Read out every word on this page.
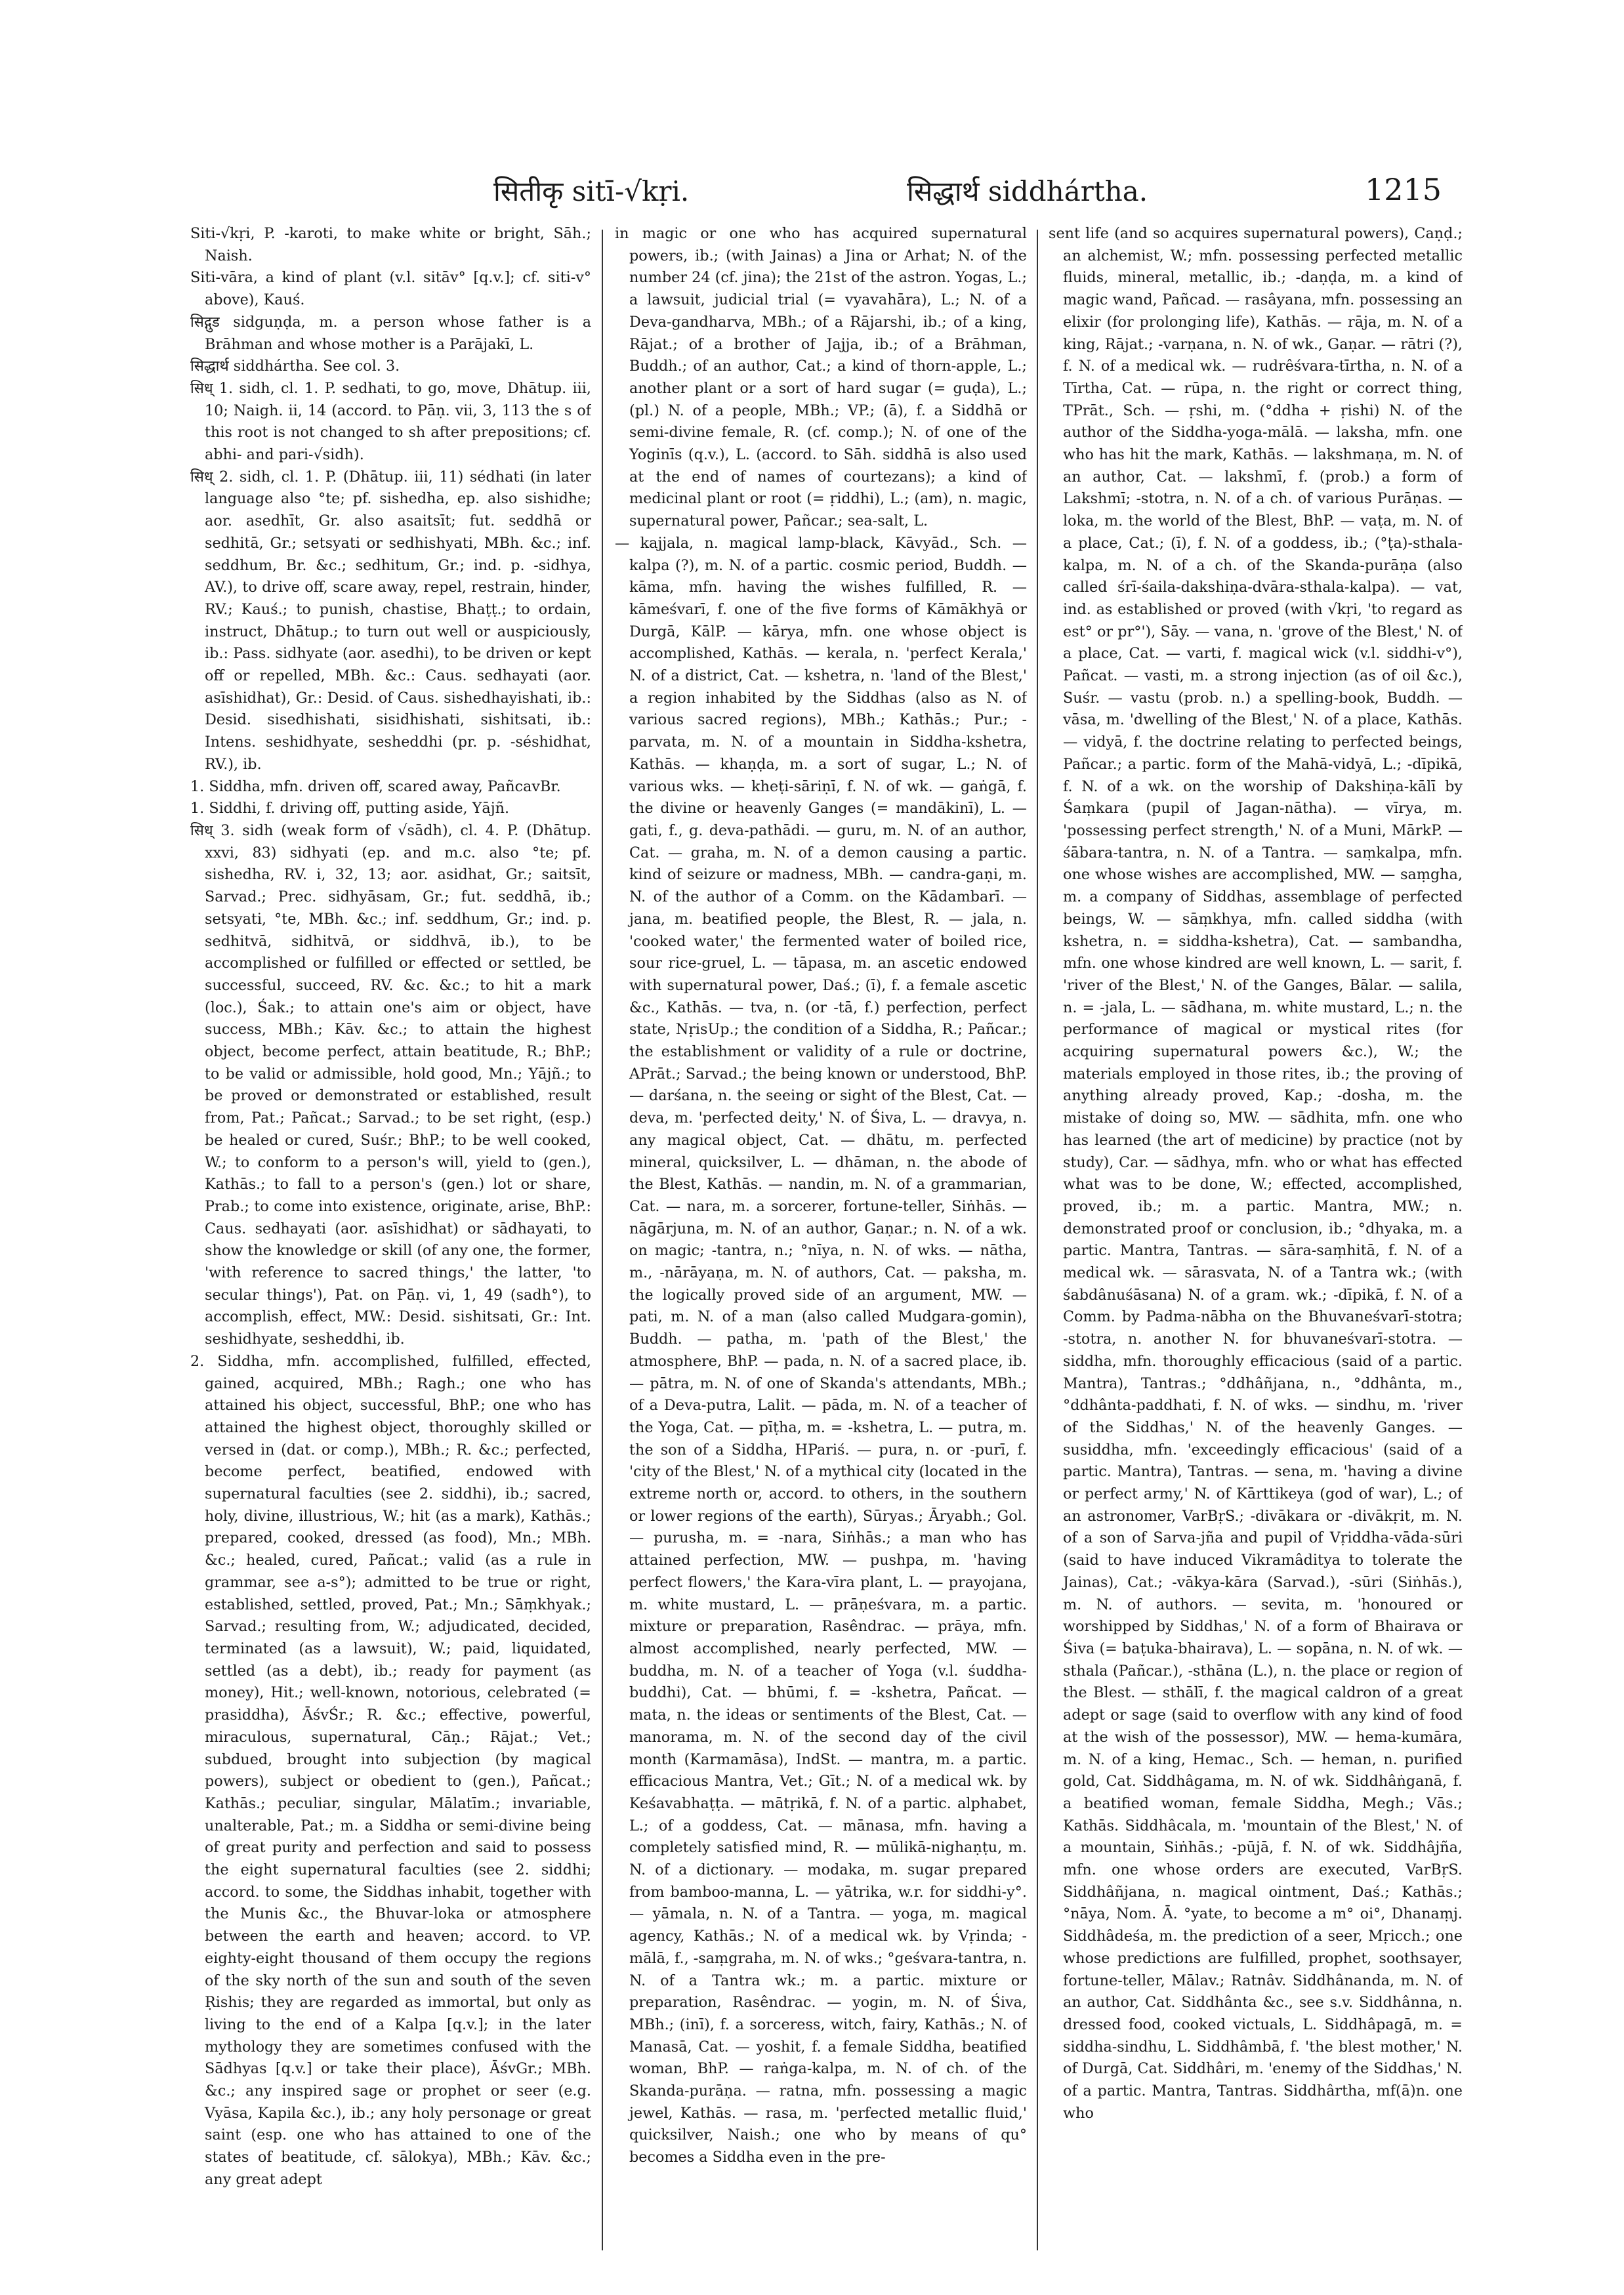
सितीकृ sitī-√kṛi.	सिद्धार्थ siddhártha.	1215

Siti-√kṛi, P. -karoti, to make white or bright, Sāh.; Naish.

Siti-vāra, a kind of plant (v.l. sitāv° [q.v.]; cf. siti-v° above), Kauś.

सिद्गुड sidguṇḍa, m. a person whose father is a Brāhman and whose mother is a Parājakī, L.

सिद्धार्थ siddhártha. See col. 3.

सिध् 1. sidh, cl. 1. P. sedhati, to go, move, Dhātup. iii, 10; Naigh. ii, 14 (accord. to Pāṇ. vii, 3, 113 the s of this root is not changed to sh after prepositions; cf. abhi- and pari-√sidh).

सिध् 2. sidh, cl. 1. P. (Dhātup. iii, 11) sédhati (in later language also °te; pf. sishedha, ep. also sishidhe; aor. asedhīt, Gr. also asaitsīt; fut. seddhā or sedhitā, Gr.; setsyati or sedhishyati, MBh. &c.; inf. seddhum, Br. &c.; sedhitum, Gr.; ind. p. -sidhya, AV.), to drive off, scare away, repel, restrain, hinder, RV.; Kauś.; to punish, chastise, Bhaṭṭ.; to ordain, instruct, Dhātup.; to turn out well or auspiciously, ib.: Pass. sidhyate (aor. asedhi), to be driven or kept off or repelled, MBh. &c.: Caus. sedhayati (aor. asīshidhat), Gr.: Desid. of Caus. sishedhayishati, ib.: Desid. sisedhishati, sisidhishati, sishitsati, ib.: Intens. seshidhyate, sesheddhi (pr. p. -séshidhat, RV.), ib.

1. Siddha, mfn. driven off, scared away, PañcavBr.

1. Siddhi, f. driving off, putting aside, Yājñ.

सिध् 3. sidh (weak form of √sādh), cl. 4. P. (Dhātup. xxvi, 83) sidhyati (ep. and m.c. also °te; pf. sishedha, RV. i, 32, 13; aor. asidhat, Gr.; saitsīt, Sarvad.; Prec. sidhyāsam, Gr.; fut. seddhā, ib.; setsyati, °te, MBh. &c.; inf. seddhum, Gr.; ind. p. sedhitvā, sidhitvā, or siddhvā, ib.), to be accomplished or fulfilled or effected or settled, be successful, succeed, RV. &c. &c.; to hit a mark (loc.), Śak.; to attain one's aim or object, have success, MBh.; Kāv. &c.; to attain the highest object, become perfect, attain beatitude, R.; BhP.; to be valid or admissible, hold good, Mn.; Yājñ.; to be proved or demonstrated or established, result from, Pat.; Pañcat.; Sarvad.; to be set right, (esp.) be healed or cured, Suśr.; BhP.; to be well cooked, W.; to conform to a person's will, yield to (gen.), Kathās.; to fall to a person's (gen.) lot or share, Prab.; to come into existence, originate, arise, BhP.: Caus. sedhayati (aor. asīshidhat) or sādhayati, to show the knowledge or skill (of any one, the former, 'with reference to sacred things,' the latter, 'to secular things'), Pat. on Pāṇ. vi, 1, 49 (sadh°), to accomplish, effect, MW.: Desid. sishitsati, Gr.: Int. seshidhyate, sesheddhi, ib.

2. Siddha, mfn. accomplished, fulfilled, effected, gained, acquired, MBh.; Ragh.; one who has attained his object, successful, BhP.; one who has attained the highest object, thoroughly skilled or versed in (dat. or comp.), MBh.; R. &c.; perfected, become perfect, beatified, endowed with supernatural faculties (see 2. siddhi), ib.; sacred, holy, divine, illustrious, W.; hit (as a mark), Kathās.; prepared, cooked, dressed (as food), Mn.; MBh. &c.; healed, cured, Pañcat.; valid (as a rule in grammar, see a-s°); admitted to be true or right, established, settled, proved, Pat.; Mn.; Sāṃkhyak.; Sarvad.; resulting from, W.; adjudicated, decided, terminated (as a lawsuit), W.; paid, liquidated, settled (as a debt), ib.; ready for payment (as money), Hit.; well-known, notorious, celebrated (= prasiddha), ĀśvŚr.; R. &c.; effective, powerful, miraculous, supernatural, Cāṇ.; Rājat.; Vet.; subdued, brought into subjection (by magical powers), subject or obedient to (gen.), Pañcat.; Kathās.; peculiar, singular, Mālatīm.; invariable, unalterable, Pat.; m. a Siddha or semi-divine being of great purity and perfection and said to possess the eight supernatural faculties (see 2. siddhi; accord. to some, the Siddhas inhabit, together with the Munis &c., the Bhuvar-loka or atmosphere between the earth and heaven; accord. to VP. eighty-eight thousand of them occupy the regions of the sky north of the sun and south of the seven Ṛishis; they are regarded as immortal, but only as living to the end of a Kalpa [q.v.]; in the later mythology they are sometimes confused with the Sādhyas [q.v.] or take their place), ĀśvGr.; MBh. &c.; any inspired sage or prophet or seer (e.g. Vyāsa, Kapila &c.), ib.; any holy personage or great saint (esp. one who has attained to one of the states of beatitude, cf. sālokya), MBh.; Kāv. &c.; any great adept

in magic or one who has acquired supernatural powers, ib.; (with Jainas) a Jina or Arhat; N. of the number 24 (cf. jina); the 21st of the astron. Yogas, L.; a lawsuit, judicial trial (= vyavahāra), L.; N. of a Deva-gandharva, MBh.; of a Rājarshi, ib.; of a king, Rājat.; of a brother of Jajja, ib.; of a Brāhman, Buddh.; of an author, Cat.; a kind of thorn-apple, L.; another plant or a sort of hard sugar (= guḍa), L.; (pl.) N. of a people, MBh.; VP.; (ā), f. a Siddhā or semi-divine female, R. (cf. comp.); N. of one of the Yoginīs (q.v.), L. (accord. to Sāh. siddhā is also used at the end of names of courtezans); a kind of medicinal plant or root (= ṛiddhi), L.; (am), n. magic, supernatural power, Pañcar.; sea-salt, L.

— kajjala, n. magical lamp-black, Kāvyād., Sch. — kalpa (?), m. N. of a partic. cosmic period, Buddh. — kāma, mfn. having the wishes fulfilled, R. — kāmeśvarī, f. one of the five forms of Kāmākhyā or Durgā, KālP. — kārya, mfn. one whose object is accomplished, Kathās. — kerala, n. 'perfect Kerala,' N. of a district, Cat. — kshetra, n. 'land of the Blest,' a region inhabited by the Siddhas (also as N. of various sacred regions), MBh.; Kathās.; Pur.; -parvata, m. N. of a mountain in Siddha-kshetra, Kathās. — khaṇḍa, m. a sort of sugar, L.; N. of various wks. — kheṭi-sāriṇī, f. N. of wk. — gaṅgā, f. the divine or heavenly Ganges (= mandākinī), L. — gati, f., g. deva-pathādi. — guru, m. N. of an author, Cat. — graha, m. N. of a demon causing a partic. kind of seizure or madness, MBh. — candra-gaṇi, m. N. of the author of a Comm. on the Kādambarī. — jana, m. beatified people, the Blest, R. — jala, n. 'cooked water,' the fermented water of boiled rice, sour rice-gruel, L. — tāpasa, m. an ascetic endowed with supernatural power, Daś.; (ī), f. a female ascetic &c., Kathās. — tva, n. (or -tā, f.) perfection, perfect state, NṛisUp.; the condition of a Siddha, R.; Pañcar.; the establishment or validity of a rule or doctrine, APrāt.; Sarvad.; the being known or understood, BhP. — darśana, n. the seeing or sight of the Blest, Cat. — deva, m. 'perfected deity,' N. of Śiva, L. — dravya, n. any magical object, Cat. — dhātu, m. perfected mineral, quicksilver, L. — dhāman, n. the abode of the Blest, Kathās. — nandin, m. N. of a grammarian, Cat. — nara, m. a sorcerer, fortune-teller, Siṅhās. — nāgārjuna, m. N. of an author, Gaṇar.; n. N. of a wk. on magic; -tantra, n.; °nīya, n. N. of wks. — nātha, m., -nārāyaṇa, m. N. of authors, Cat. — paksha, m. the logically proved side of an argument, MW. — pati, m. N. of a man (also called Mudgara-gomin), Buddh. — patha, m. 'path of the Blest,' the atmosphere, BhP. — pada, n. N. of a sacred place, ib. — pātra, m. N. of one of Skanda's attendants, MBh.; of a Deva-putra, Lalit. — pāda, m. N. of a teacher of the Yoga, Cat. — pīṭha, m. = -kshetra, L. — putra, m. the son of a Siddha, HPariś. — pura, n. or -purī, f. 'city of the Blest,' N. of a mythical city (located in the extreme north or, accord. to others, in the southern or lower regions of the earth), Sūryas.; Āryabh.; Gol. — purusha, m. = -nara, Siṅhās.; a man who has attained perfection, MW. — pushpa, m. 'having perfect flowers,' the Kara-vīra plant, L. — prayojana, m. white mustard, L. — prāṇeśvara, m. a partic. mixture or preparation, Rasêndrac. — prāya, mfn. almost accomplished, nearly perfected, MW. — buddha, m. N. of a teacher of Yoga (v.l. śuddha-buddhi), Cat. — bhūmi, f. = -kshetra, Pañcat. — mata, n. the ideas or sentiments of the Blest, Cat. — manorama, m. N. of the second day of the civil month (Karmamāsa), IndSt. — mantra, m. a partic. efficacious Mantra, Vet.; Gīt.; N. of a medical wk. by Keśavabhaṭṭa. — mātṛikā, f. N. of a partic. alphabet, L.; of a goddess, Cat. — mānasa, mfn. having a completely satisfied mind, R. — mūlikā-nighaṇṭu, m. N. of a dictionary. — modaka, m. sugar prepared from bamboo-manna, L. — yātrika, w.r. for siddhi-y°. — yāmala, n. N. of a Tantra. — yoga, m. magical agency, Kathās.; N. of a medical wk. by Vṛinda; -mālā, f., -saṃgraha, m. N. of wks.; °geśvara-tantra, n. N. of a Tantra wk.; m. a partic. mixture or preparation, Rasêndrac. — yogin, m. N. of Śiva, MBh.; (inī), f. a sorceress, witch, fairy, Kathās.; N. of Manasā, Cat. — yoshit, f. a female Siddha, beatified woman, BhP. — raṅga-kalpa, m. N. of ch. of the Skanda-purāṇa. — ratna, mfn. possessing a magic jewel, Kathās. — rasa, m. 'perfected metallic fluid,' quicksilver, Naish.; one who by means of qu° becomes a Siddha even in the pre-

sent life (and so acquires supernatural powers), Caṇḍ.; an alchemist, W.; mfn. possessing perfected metallic fluids, mineral, metallic, ib.; -daṇḍa, m. a kind of magic wand, Pañcad. — rasâyana, mfn. possessing an elixir (for prolonging life), Kathās. — rāja, m. N. of a king, Rājat.; -varṇana, n. N. of wk., Gaṇar. — rātri (?), f. N. of a medical wk. — rudrêśvara-tīrtha, n. N. of a Tīrtha, Cat. — rūpa, n. the right or correct thing, TPrāt., Sch. — ṛshi, m. (°ddha + ṛishi) N. of the author of the Siddha-yoga-mālā. — laksha, mfn. one who has hit the mark, Kathās. — lakshmaṇa, m. N. of an author, Cat. — lakshmī, f. (prob.) a form of Lakshmī; -stotra, n. N. of a ch. of various Purāṇas. — loka, m. the world of the Blest, BhP. — vaṭa, m. N. of a place, Cat.; (ī), f. N. of a goddess, ib.; (°ṭa)-sthala-kalpa, m. N. of a ch. of the Skanda-purāṇa (also called śrī-śaila-dakshiṇa-dvāra-sthala-kalpa). — vat, ind. as established or proved (with √kṛi, 'to regard as est° or pr°'), Sāy. — vana, n. 'grove of the Blest,' N. of a place, Cat. — varti, f. magical wick (v.l. siddhi-v°), Pañcat. — vasti, m. a strong injection (as of oil &c.), Suśr. — vastu (prob. n.) a spelling-book, Buddh. — vāsa, m. 'dwelling of the Blest,' N. of a place, Kathās. — vidyā, f. the doctrine relating to perfected beings, Pañcar.; a partic. form of the Mahā-vidyā, L.; -dīpikā, f. N. of a wk. on the worship of Dakshiṇa-kālī by Śaṃkara (pupil of Jagan-nātha). — vīrya, m. 'possessing perfect strength,' N. of a Muni, MārkP. — śābara-tantra, n. N. of a Tantra. — saṃkalpa, mfn. one whose wishes are accomplished, MW. — saṃgha, m. a company of Siddhas, assemblage of perfected beings, W. — sāṃkhya, mfn. called siddha (with kshetra, n. = siddha-kshetra), Cat. — sambandha, mfn. one whose kindred are well known, L. — sarit, f. 'river of the Blest,' N. of the Ganges, Bālar. — salila, n. = -jala, L. — sādhana, m. white mustard, L.; n. the performance of magical or mystical rites (for acquiring supernatural powers &c.), W.; the materials employed in those rites, ib.; the proving of anything already proved, Kap.; -dosha, m. the mistake of doing so, MW. — sādhita, mfn. one who has learned (the art of medicine) by practice (not by study), Car. — sādhya, mfn. who or what has effected what was to be done, W.; effected, accomplished, proved, ib.; m. a partic. Mantra, MW.; n. demonstrated proof or conclusion, ib.; °dhyaka, m. a partic. Mantra, Tantras. — sāra-saṃhitā, f. N. of a medical wk. — sārasvata, N. of a Tantra wk.; (with śabdânuśāsana) N. of a gram. wk.; -dīpikā, f. N. of a Comm. by Padma-nābha on the Bhuvaneśvarī-stotra; -stotra, n. another N. for bhuvaneśvarī-stotra. — siddha, mfn. thoroughly efficacious (said of a partic. Mantra), Tantras.; °ddhâñjana, n., °ddhânta, m., °ddhânta-paddhati, f. N. of wks. — sindhu, m. 'river of the Siddhas,' N. of the heavenly Ganges. — susiddha, mfn. 'exceedingly efficacious' (said of a partic. Mantra), Tantras. — sena, m. 'having a divine or perfect army,' N. of Kārttikeya (god of war), L.; of an astronomer, VarBṛS.; -divākara or -divākṛit, m. N. of a son of Sarva-jña and pupil of Vṛiddha-vāda-sūri (said to have induced Vikramâditya to tolerate the Jainas), Cat.; -vākya-kāra (Sarvad.), -sūri (Siṅhās.), m. N. of authors. — sevita, m. 'honoured or worshipped by Siddhas,' N. of a form of Bhairava or Śiva (= baṭuka-bhairava), L. — sopāna, n. N. of wk. — sthala (Pañcar.), -sthāna (L.), n. the place or region of the Blest. — sthālī, f. the magical caldron of a great adept or sage (said to overflow with any kind of food at the wish of the possessor), MW. — hema-kumāra, m. N. of a king, Hemac., Sch. — heman, n. purified gold, Cat. Siddhâgama, m. N. of wk. Siddhâṅganā, f. a beatified woman, female Siddha, Megh.; Vās.; Kathās. Siddhâcala, m. 'mountain of the Blest,' N. of a mountain, Siṅhās.; -pūjā, f. N. of wk. Siddhâjña, mfn. one whose orders are executed, VarBṛS. Siddhâñjana, n. magical ointment, Daś.; Kathās.; °nāya, Nom. Ā. °yate, to become a m° oi°, Dhanaṃj. Siddhâdeśa, m. the prediction of a seer, Mṛicch.; one whose predictions are fulfilled, prophet, soothsayer, fortune-teller, Mālav.; Ratnâv. Siddhânanda, m. N. of an author, Cat. Siddhânta &c., see s.v. Siddhânna, n. dressed food, cooked victuals, L. Siddhâpagā, m. = siddha-sindhu, L. Siddhâmbā, f. 'the blest mother,' N. of Durgā, Cat. Siddhâri, m. 'enemy of the Siddhas,' N. of a partic. Mantra, Tantras. Siddhârtha, mf(ā)n. one who
